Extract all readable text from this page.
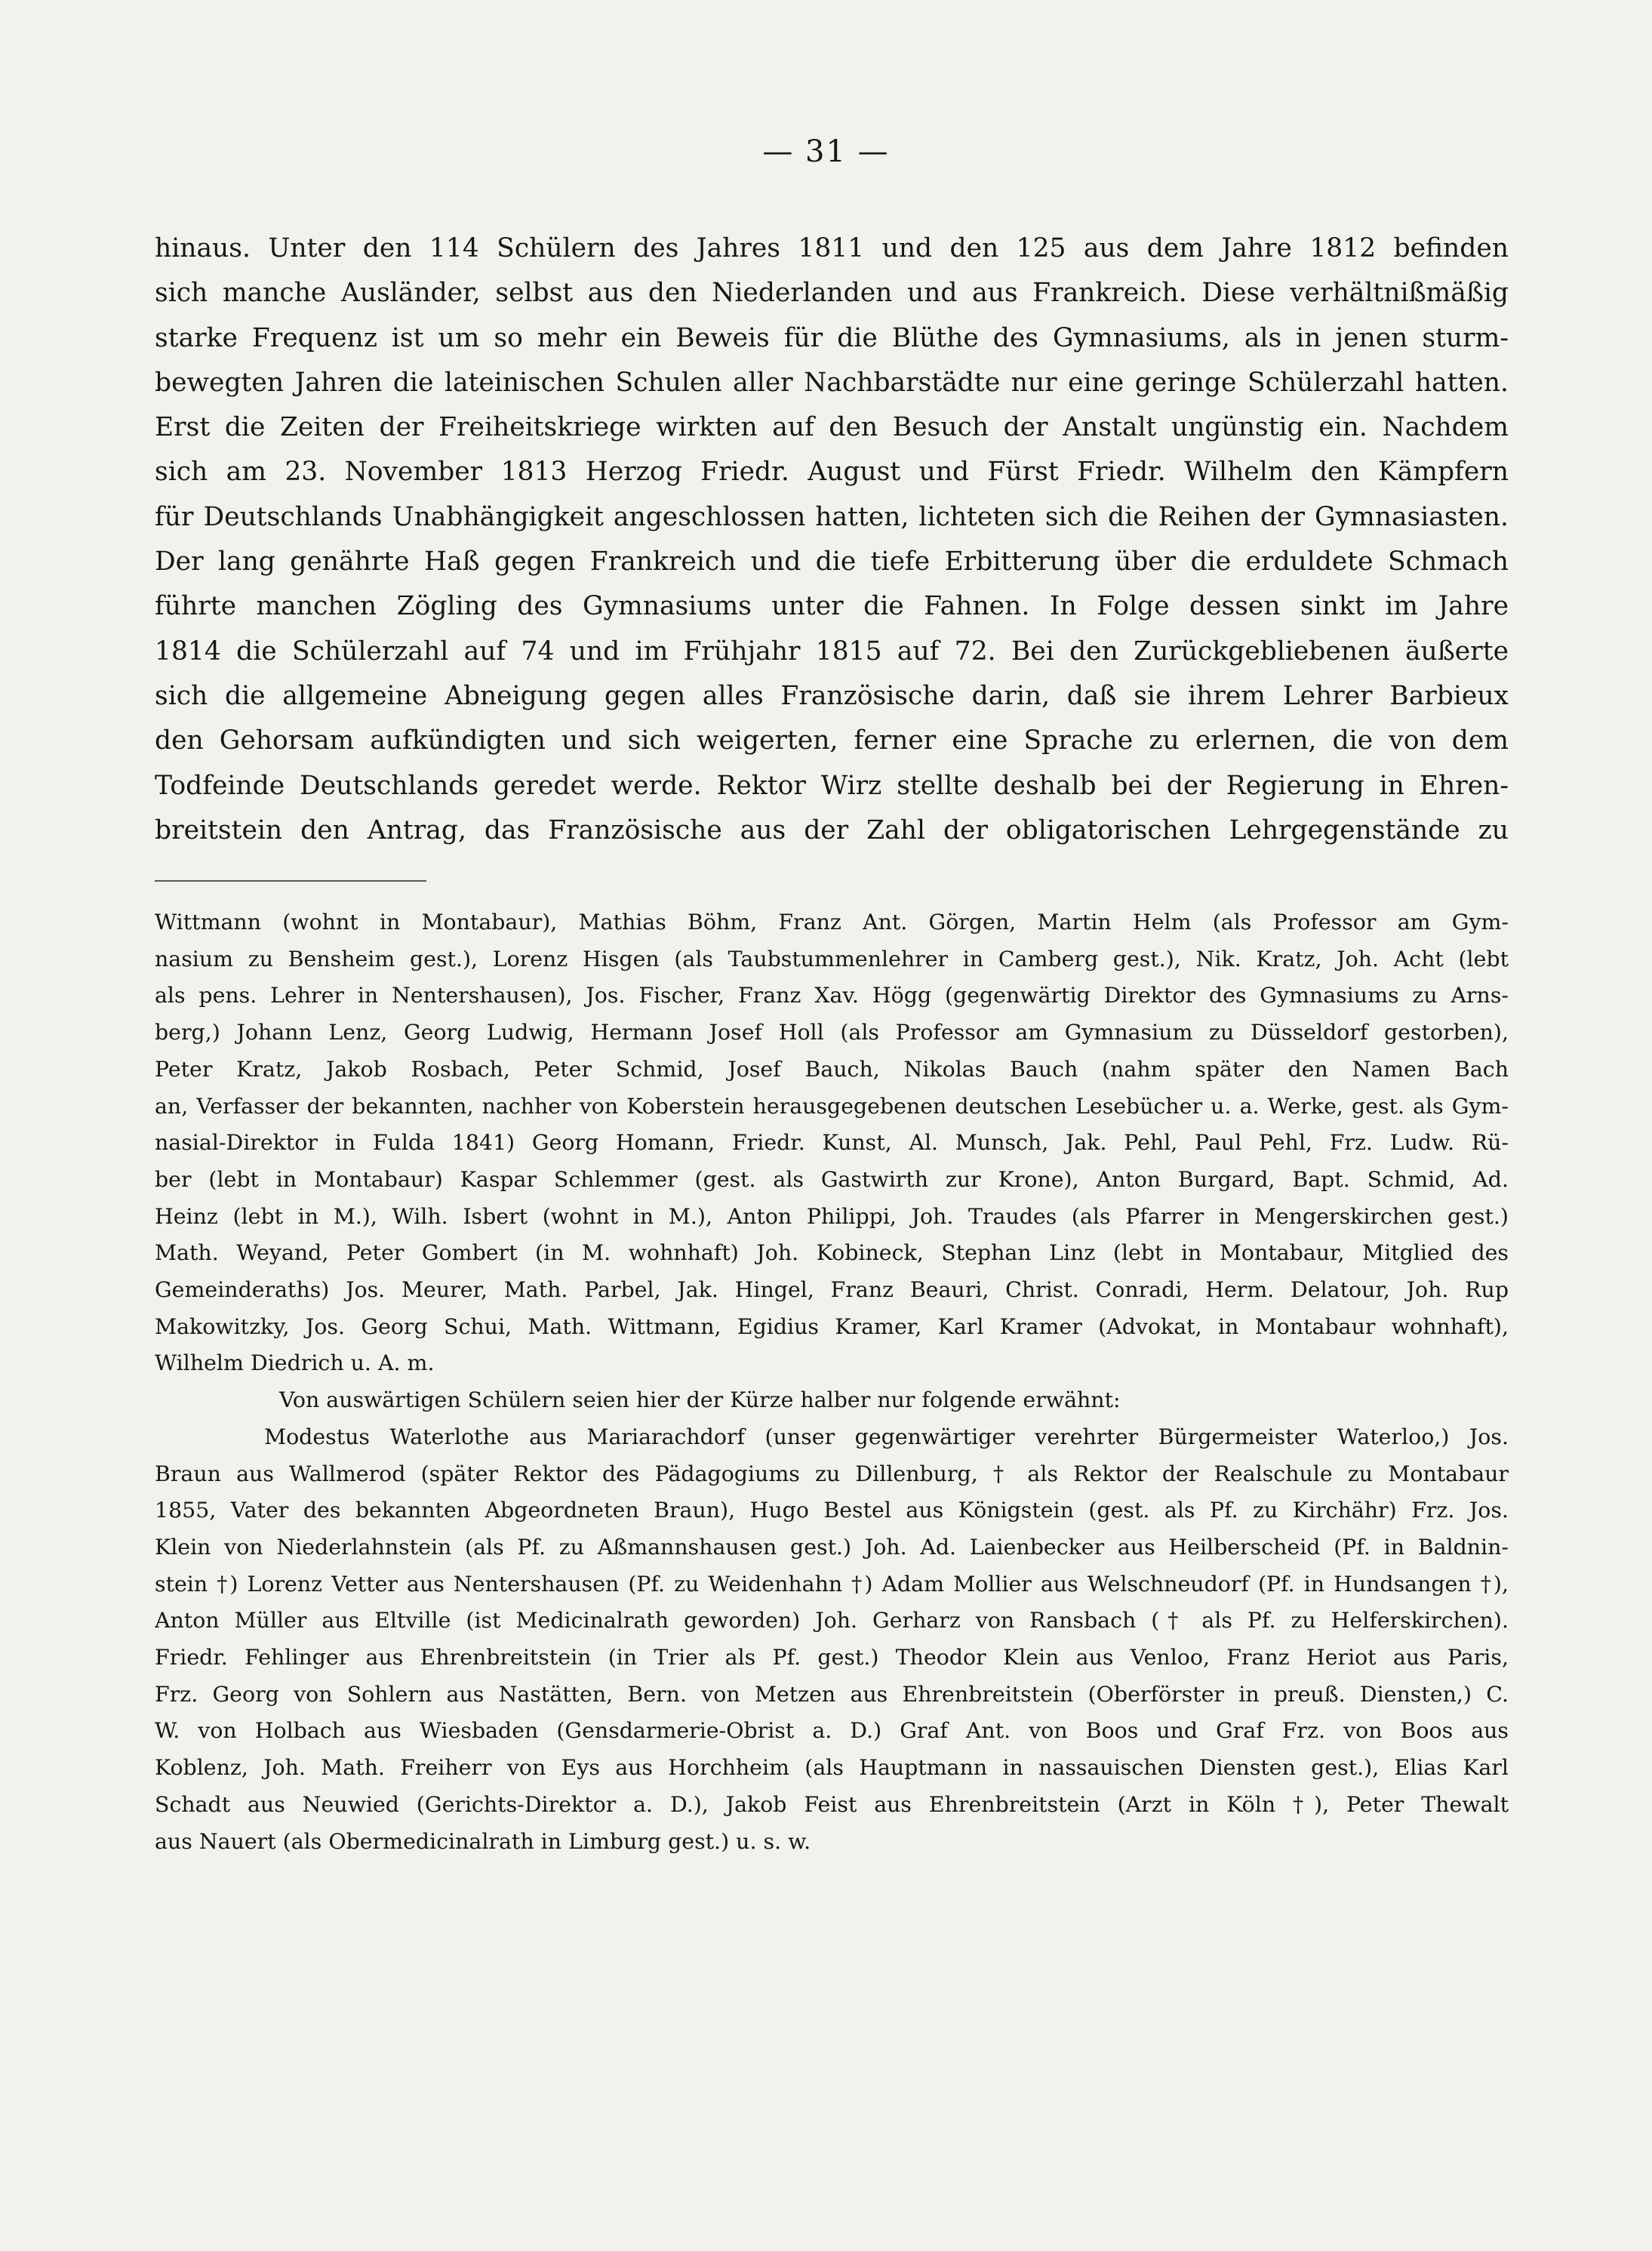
— 31 —
hinaus. Unter den 114 Schülern des Jahres 1811 und den 125 aus dem Jahre 1812 befinden
sich manche Ausländer, selbst aus den Niederlanden und aus Frankreich. Diese verhältnißmäßig
starke Frequenz ist um so mehr ein Beweis für die Blüthe des Gymnasiums, als in jenen sturm-
bewegten Jahren die lateinischen Schulen aller Nachbarstädte nur eine geringe Schülerzahl hatten.
Erst die Zeiten der Freiheitskriege wirkten auf den Besuch der Anstalt ungünstig ein. Nachdem
sich am 23. November 1813 Herzog Friedr. August und Fürst Friedr. Wilhelm den Kämpfern
für Deutschlands Unabhängigkeit angeschlossen hatten, lichteten sich die Reihen der Gymnasiasten.
Der lang genährte Haß gegen Frankreich und die tiefe Erbitterung über die erduldete Schmach
führte manchen Zögling des Gymnasiums unter die Fahnen. In Folge dessen sinkt im Jahre
1814 die Schülerzahl auf 74 und im Frühjahr 1815 auf 72. Bei den Zurückgebliebenen äußerte
sich die allgemeine Abneigung gegen alles Französische darin, daß sie ihrem Lehrer Barbieux
den Gehorsam aufkündigten und sich weigerten, ferner eine Sprache zu erlernen, die von dem
Todfeinde Deutschlands geredet werde. Rektor Wirz stellte deshalb bei der Regierung in Ehren-
breitstein den Antrag, das Französische aus der Zahl der obligatorischen Lehrgegenstände zu
Wittmann (wohnt in Montabaur), Mathias Böhm, Franz Ant. Görgen, Martin Helm (als Professor am Gym-
nasium zu Bensheim gest.), Lorenz Hisgen (als Taubstummenlehrer in Camberg gest.), Nik. Kratz, Joh. Acht (lebt
als pens. Lehrer in Nentershausen), Jos. Fischer, Franz Xav. Högg (gegenwärtig Direktor des Gymnasiums zu Arns-
berg,) Johann Lenz, Georg Ludwig, Hermann Josef Holl (als Professor am Gymnasium zu Düsseldorf gestorben),
Peter Kratz, Jakob Rosbach, Peter Schmid, Josef Bauch, Nikolas Bauch (nahm später den Namen Bach
an, Verfasser der bekannten, nachher von Koberstein herausgegebenen deutschen Lesebücher u. a. Werke, gest. als Gym-
nasial-Direktor in Fulda 1841) Georg Homann, Friedr. Kunst, Al. Munsch, Jak. Pehl, Paul Pehl, Frz. Ludw. Rü-
ber (lebt in Montabaur) Kaspar Schlemmer (gest. als Gastwirth zur Krone), Anton Burgard, Bapt. Schmid, Ad.
Heinz (lebt in M.), Wilh. Isbert (wohnt in M.), Anton Philippi, Joh. Traudes (als Pfarrer in Mengerskirchen gest.)
Math. Weyand, Peter Gombert (in M. wohnhaft) Joh. Kobineck, Stephan Linz (lebt in Montabaur, Mitglied des
Gemeinderaths) Jos. Meurer, Math. Parbel, Jak. Hingel, Franz Beauri, Christ. Conradi, Herm. Delatour, Joh. Rup
Makowitzky, Jos. Georg Schui, Math. Wittmann, Egidius Kramer, Karl Kramer (Advokat, in Montabaur wohnhaft),
Wilhelm Diedrich u. A. m.
Von auswärtigen Schülern seien hier der Kürze halber nur folgende erwähnt:
Modestus Waterlothe aus Mariarachdorf (unser gegenwärtiger verehrter Bürgermeister Waterloo,) Jos.
Braun aus Wallmerod (später Rektor des Pädagogiums zu Dillenburg, † als Rektor der Realschule zu Montabaur
1855, Vater des bekannten Abgeordneten Braun), Hugo Bestel aus Königstein (gest. als Pf. zu Kirchähr) Frz. Jos.
Klein von Niederlahnstein (als Pf. zu Aßmannshausen gest.) Joh. Ad. Laienbecker aus Heilberscheid (Pf. in Baldnin-
stein †) Lorenz Vetter aus Nentershausen (Pf. zu Weidenhahn †) Adam Mollier aus Welschneudorf (Pf. in Hundsangen †),
Anton Müller aus Eltville (ist Medicinalrath geworden) Joh. Gerharz von Ransbach († als Pf. zu Helferskirchen).
Friedr. Fehlinger aus Ehrenbreitstein (in Trier als Pf. gest.) Theodor Klein aus Venloo, Franz Heriot aus Paris,
Frz. Georg von Sohlern aus Nastätten, Bern. von Metzen aus Ehrenbreitstein (Oberförster in preuß. Diensten,) C.
W. von Holbach aus Wiesbaden (Gensdarmerie-Obrist a. D.) Graf Ant. von Boos und Graf Frz. von Boos aus
Koblenz, Joh. Math. Freiherr von Eys aus Horchheim (als Hauptmann in nassauischen Diensten gest.), Elias Karl
Schadt aus Neuwied (Gerichts-Direktor a. D.), Jakob Feist aus Ehrenbreitstein (Arzt in Köln †), Peter Thewalt
aus Nauert (als Obermedicinalrath in Limburg gest.) u. s. w.
